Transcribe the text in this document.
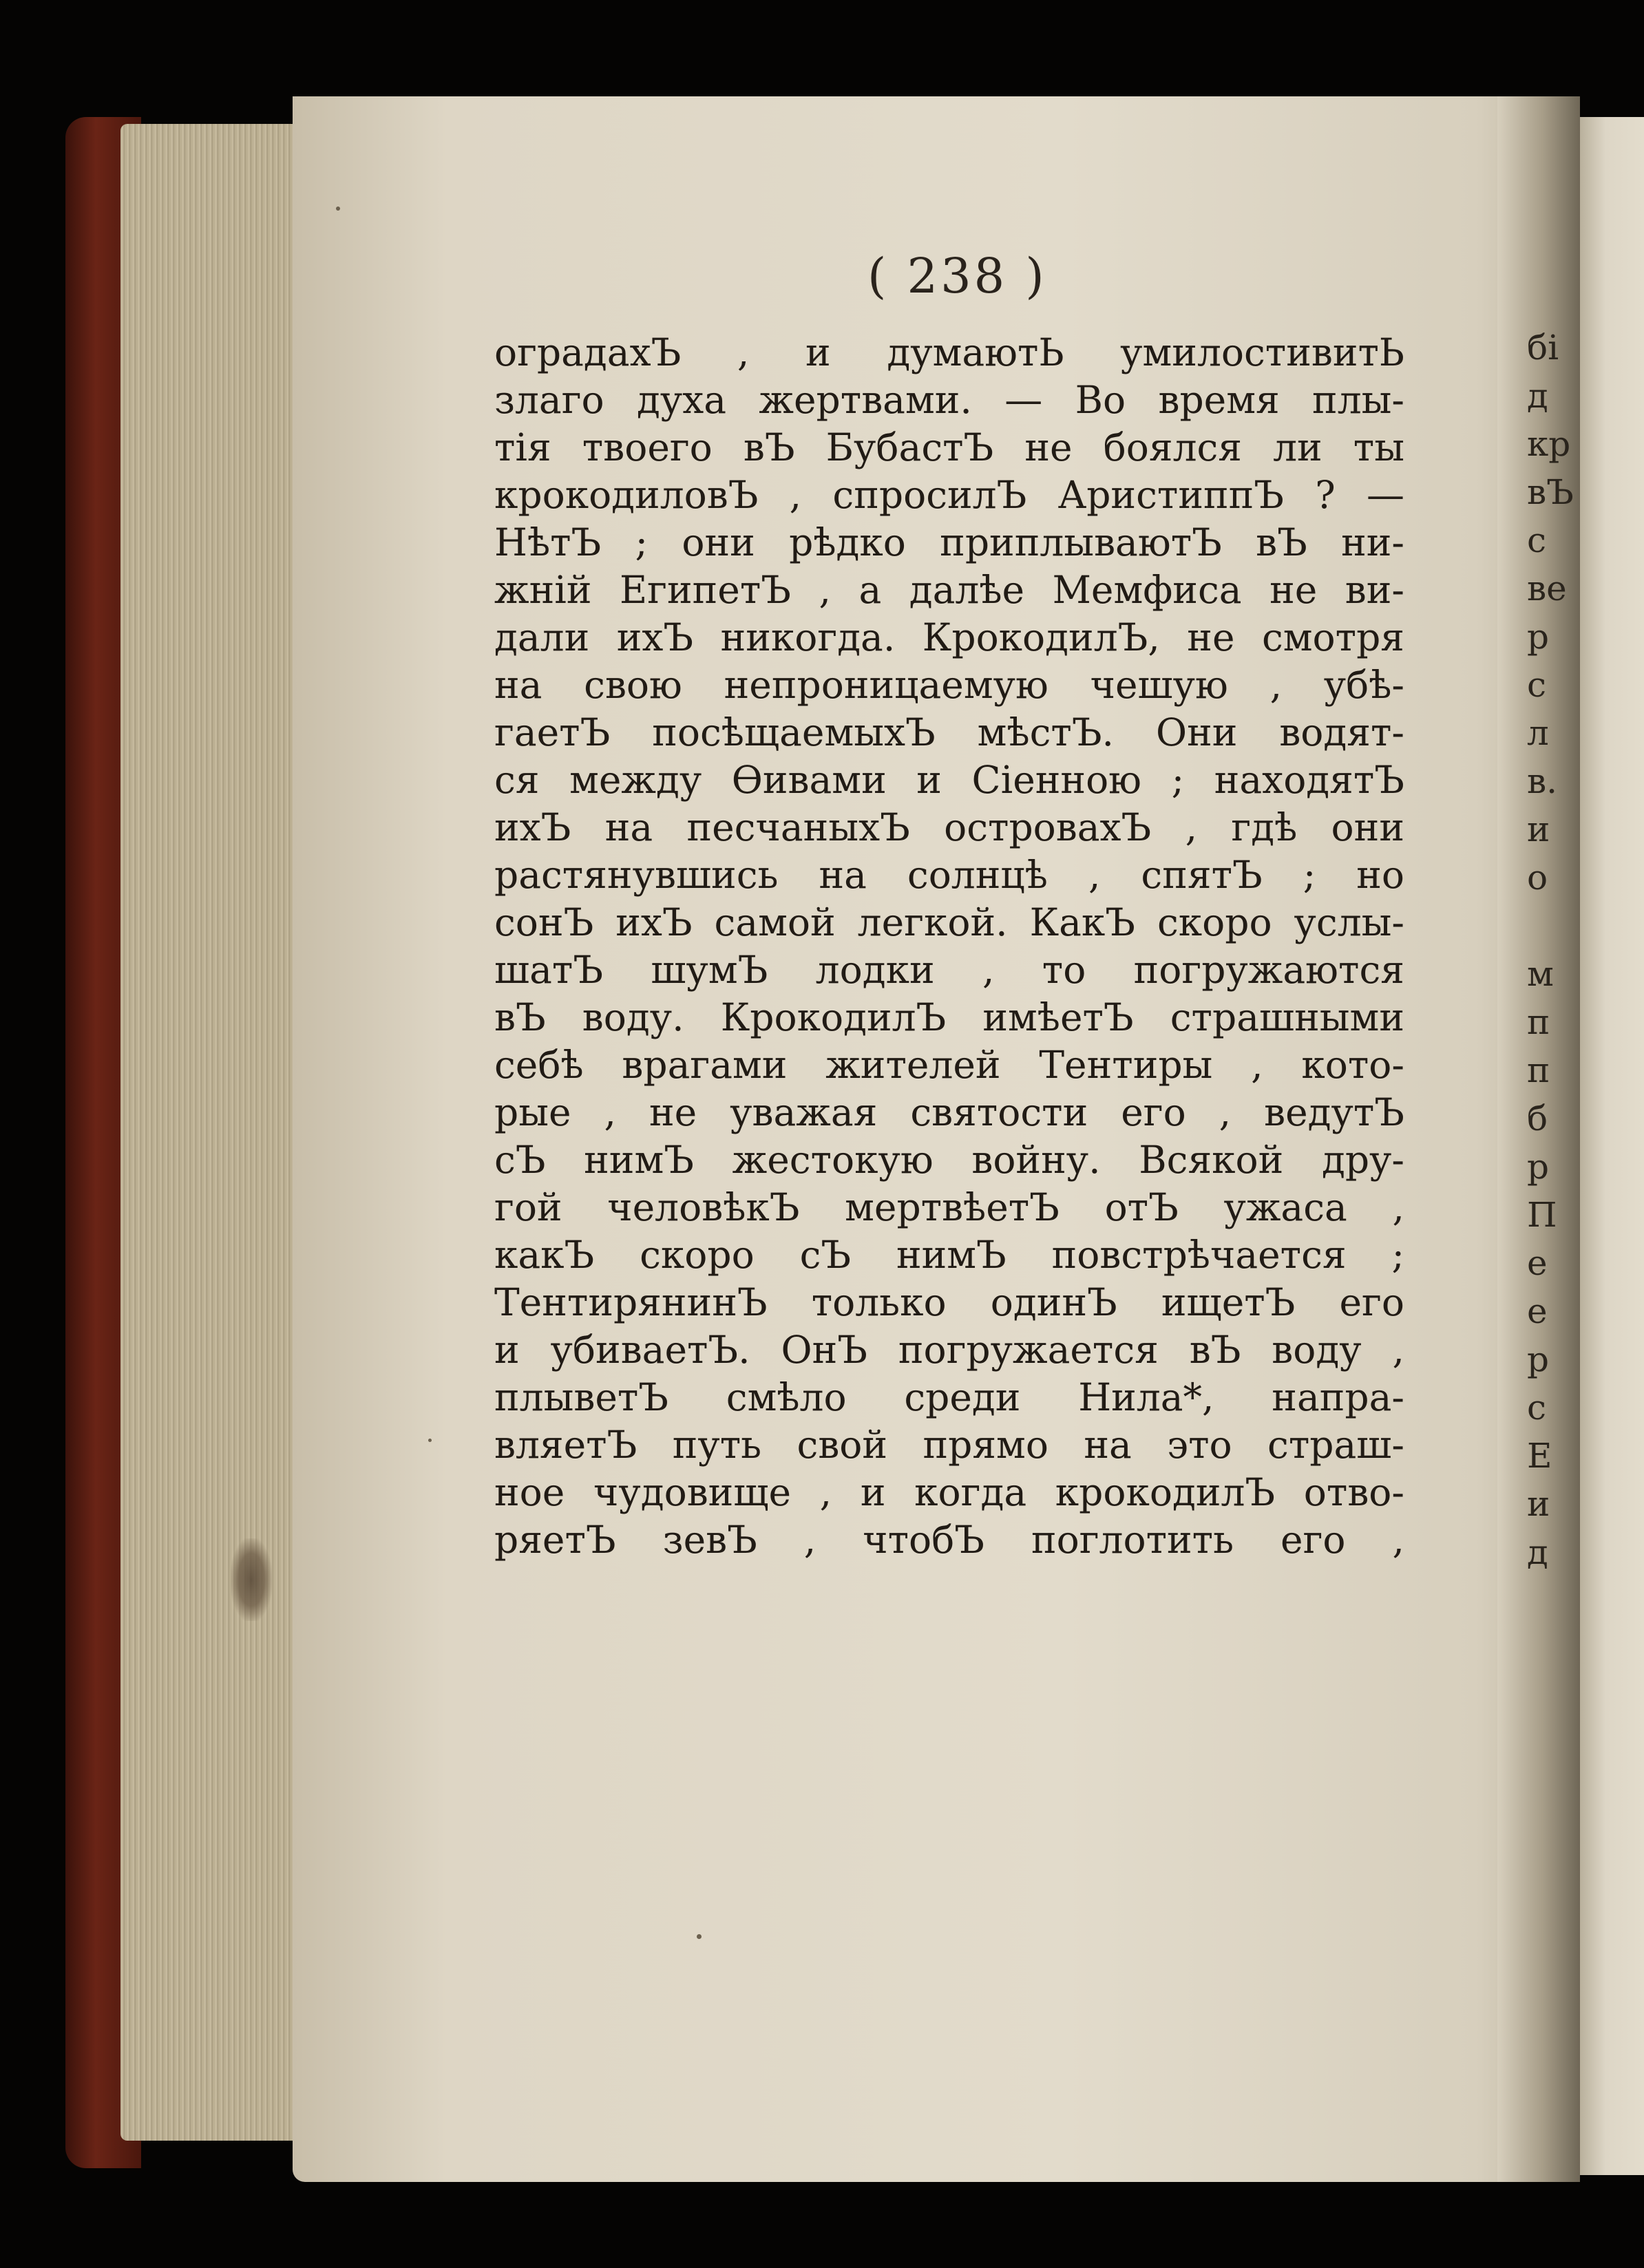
( 238 )
оградахЪ , и думаютЬ умилостивитЬ
злаго духа жертвами. — Во время плы-
тія твоего вЪ БубастЪ не боялся ли ты
крокодиловЪ , спросилЪ АристиппЪ ? —
НѣтЪ ; они рѣдко приплываютЪ вЪ ни-
жній ЕгипетЪ , а далѣе Мемфиса не ви-
дали ихЪ никогда. КрокодилЪ, не смотря
на свою непроницаемую чешую , убѣ-
гаетЪ посѣщаемыхЪ мѣстЪ. Они водят-
ся между Ѳивами и Сіенною ; находятЪ
ихЪ на песчаныхЪ островахЪ , гдѣ они
растянувшись на солнцѣ , спятЪ ; но
сонЪ ихЪ самой легкой. КакЪ скоро услы-
шатЪ шумЪ лодки , то погружаются
вЪ воду. КрокодилЪ имѣетЪ страшными
себѣ врагами жителей Тентиры , кото-
рые , не уважая святости его , ведутЪ
сЪ нимЪ жестокую войну. Всякой дру-
гой человѣкЪ мертвѣетЪ отЪ ужаса ,
какЪ скоро сЪ нимЪ повстрѣчается ;
ТентирянинЪ только одинЪ ищетЪ его
и убиваетЪ. ОнЪ погружается вЪ воду ,
плыветЪ смѣло среди Нила*, напра-
вляетЪ путь свой прямо на это страш-
ное чудовище , и когда крокодилЪ отво-
ряетЪ зевЪ , чтобЪ поглотить его ,
бі
д
кр
вЪ
с
ве
р
с
л
в.
и
о
м
п
п
б
р
П
е
е
р
с
Е
и
д
